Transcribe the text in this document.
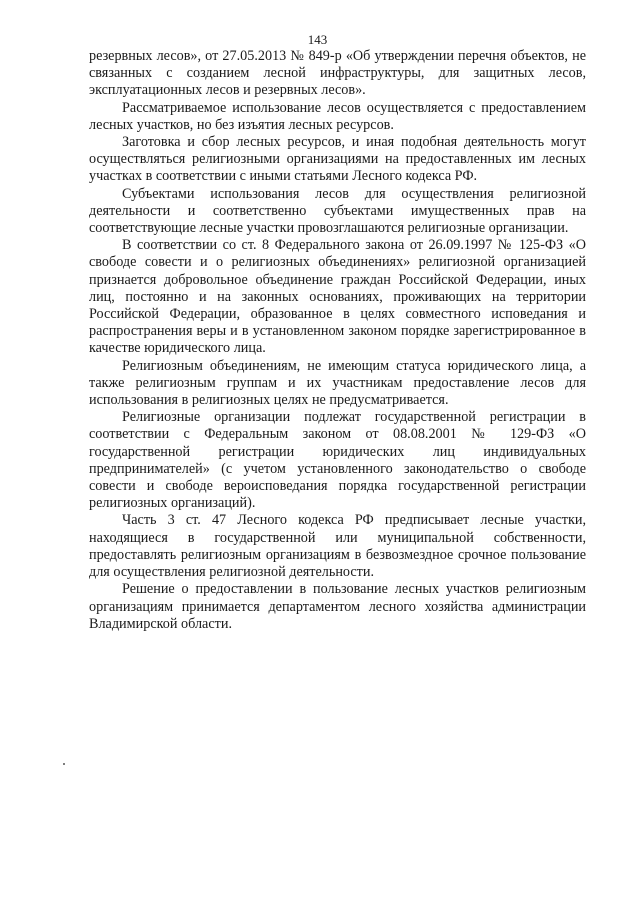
143

резервных лесов», от 27.05.2013 № 849-р «Об утверждении перечня объектов, не связанных с созданием лесной инфраструктуры, для защитных лесов, эксплуатационных лесов и резервных лесов».

Рассматриваемое использование лесов осуществляется с предоставлением лесных участков, но без изъятия лесных ресурсов.

Заготовка и сбор лесных ресурсов, и иная подобная деятельность могут осуществляться религиозными организациями на предоставленных им лесных участках в соответствии с иными статьями Лесного кодекса РФ.

Субъектами использования лесов для осуществления религиозной деятельности и соответственно субъектами имущественных прав на соответствующие лесные участки провозглашаются религиозные организации.

В соответствии со ст. 8 Федерального закона от 26.09.1997 № 125-ФЗ «О свободе совести и о религиозных объединениях» религиозной организацией признается добровольное объединение граждан Российской Федерации, иных лиц, постоянно и на законных основаниях, проживающих на территории Российской Федерации, образованное в целях совместного исповедания и распространения веры и в установленном законом порядке зарегистрированное в качестве юридического лица.

Религиозным объединениям, не имеющим статуса юридического лица, а также религиозным группам и их участникам предоставление лесов для использования в религиозных целях не предусматривается.

Религиозные организации подлежат государственной регистрации в соответствии с Федеральным законом от 08.08.2001 № 129-ФЗ «О государственной регистрации юридических лиц индивидуальных предпринимателей» (с учетом установленного законодательство о свободе совести и свободе вероисповедания порядка государственной регистрации религиозных организаций).

Часть 3 ст. 47 Лесного кодекса РФ предписывает лесные участки, находящиеся в государственной или муниципальной собственности, предоставлять религиозным организациям в безвозмездное срочное пользование для осуществления религиозной деятельности.

Решение о предоставлении в пользование лесных участков религиозным организациям принимается департаментом лесного хозяйства администрации Владимирской области.
